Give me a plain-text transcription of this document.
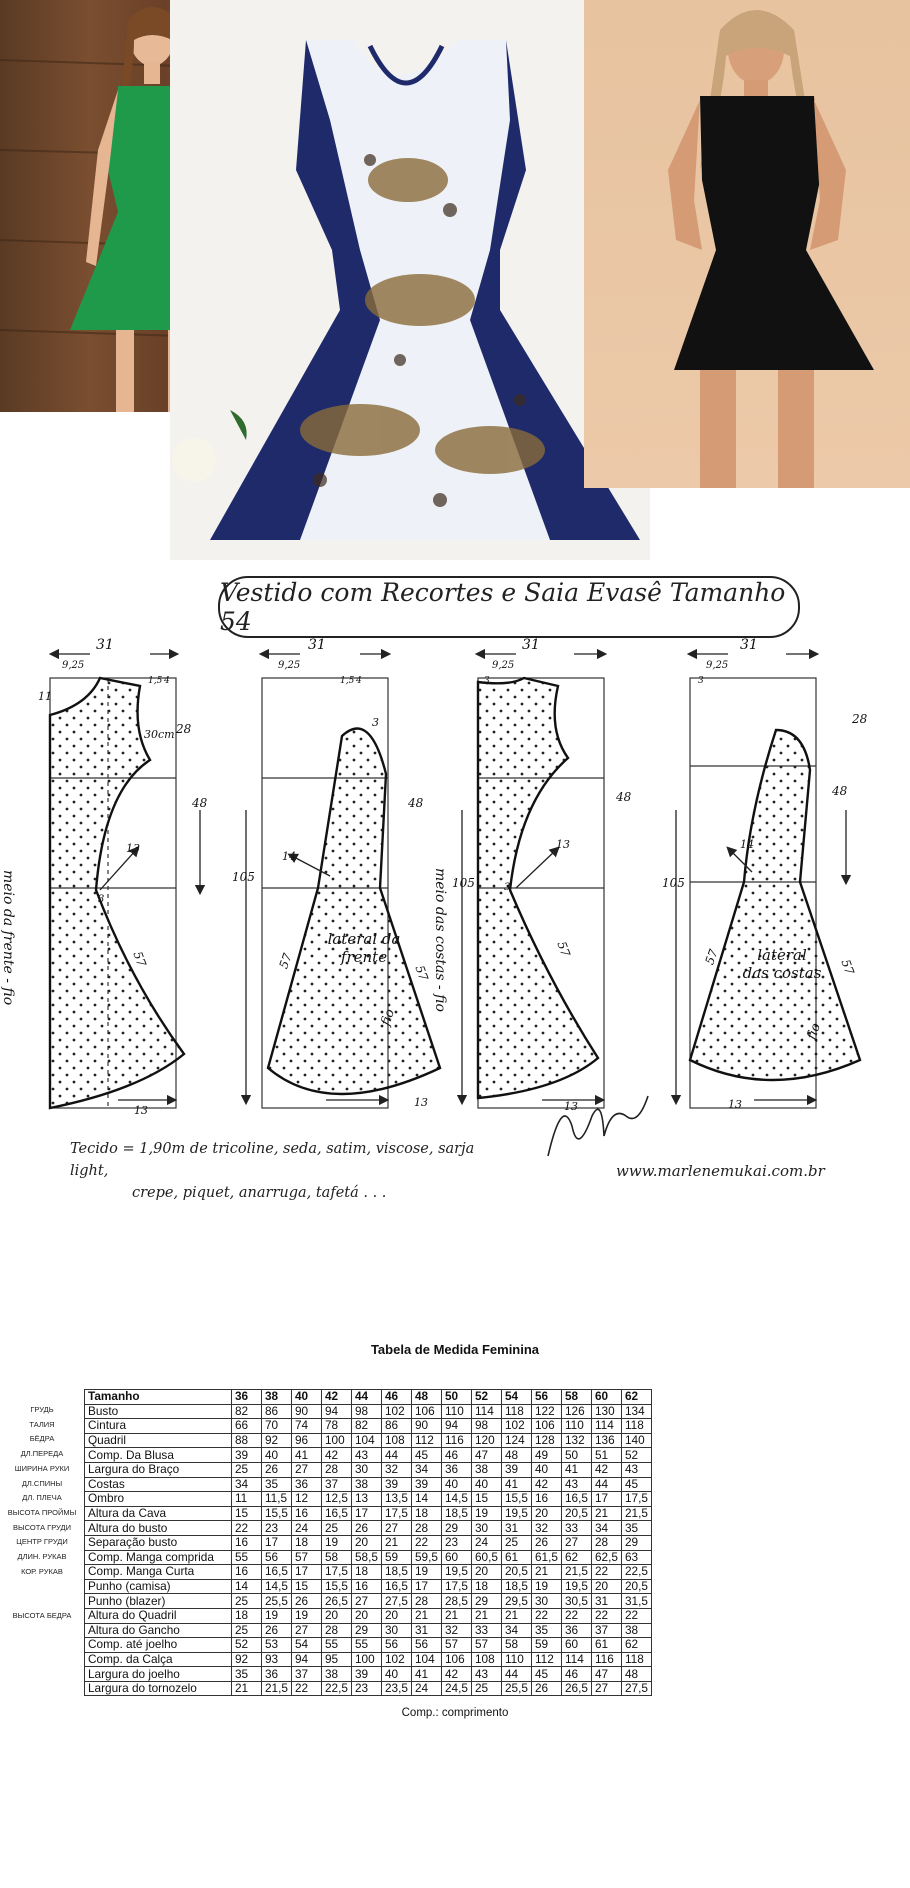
Vestido com Recortes e Saia Evasê Tamanho 54
31	31	31	31
9,25	9,25	9,25	9,25
11
1,5 4	1,5 4	3	3
30cm
3
28
28
48	48	48	48
105	105	105
13
14
13	14
3
3
57	57
57
57	57
57
13
13	13	13
meio da frente - fio	lateral da frente	meio das costas - fio	lateral das costas
fio
fio
Tecido = 1,90m de tricoline, seda, satim, viscose, sarja light,
crepe, piquet, anarruga, tafetá . . .
www.marlenemukai.com.br
Tabela de Medida Feminina
ГРУДЬ
ТАЛИЯ
БЁДРА
ДЛ.ПЕРЕДА
ШИРИНА РУКИ
ДЛ.СПИНЫ
ДЛ. ПЛЕЧА
ВЫСОТА ПРОЙМЫ
ВЫСОТА ГРУДИ
ЦЕНТР ГРУДИ
ДЛИН. РУКАВ
КОР. РУКАВ
ВЫСОТА БЕДРА
Tamanho	36	38	40	42	44	46	48	50	52	54	56	58	60	62
Busto	82	86	90	94	98	102	106	110	114	118	122	126	130	134
Cintura	66	70	74	78	82	86	90	94	98	102	106	110	114	118
Quadril	88	92	96	100	104	108	112	116	120	124	128	132	136	140
Comp. Da Blusa	39	40	41	42	43	44	45	46	47	48	49	50	51	52
Largura do Braço	25	26	27	28	30	32	34	36	38	39	40	41	42	43
Costas	34	35	36	37	38	39	39	40	40	41	42	43	44	45
Ombro	11	11,5	12	12,5	13	13,5	14	14,5	15	15,5	16	16,5	17	17,5
Altura da Cava	15	15,5	16	16,5	17	17,5	18	18,5	19	19,5	20	20,5	21	21,5
Altura do busto	22	23	24	25	26	27	28	29	30	31	32	33	34	35
Separação busto	16	17	18	19	20	21	22	23	24	25	26	27	28	29
Comp. Manga comprida	55	56	57	58	58,5	59	59,5	60	60,5	61	61,5	62	62,5	63
Comp. Manga Curta	16	16,5	17	17,5	18	18,5	19	19,5	20	20,5	21	21,5	22	22,5
Punho (camisa)	14	14,5	15	15,5	16	16,5	17	17,5	18	18,5	19	19,5	20	20,5
Punho (blazer)	25	25,5	26	26,5	27	27,5	28	28,5	29	29,5	30	30,5	31	31,5
Altura do Quadril	18	19	19	20	20	20	21	21	21	21	22	22	22	22
Altura do Gancho	25	26	27	28	29	30	31	32	33	34	35	36	37	38
Comp. até joelho	52	53	54	55	55	56	56	57	57	58	59	60	61	62
Comp. da Calça	92	93	94	95	100	102	104	106	108	110	112	114	116	118
Largura do joelho	35	36	37	38	39	40	41	42	43	44	45	46	47	48
Largura do tornozelo	21	21,5	22	22,5	23	23,5	24	24,5	25	25,5	26	26,5	27	27,5
Comp.: comprimento
